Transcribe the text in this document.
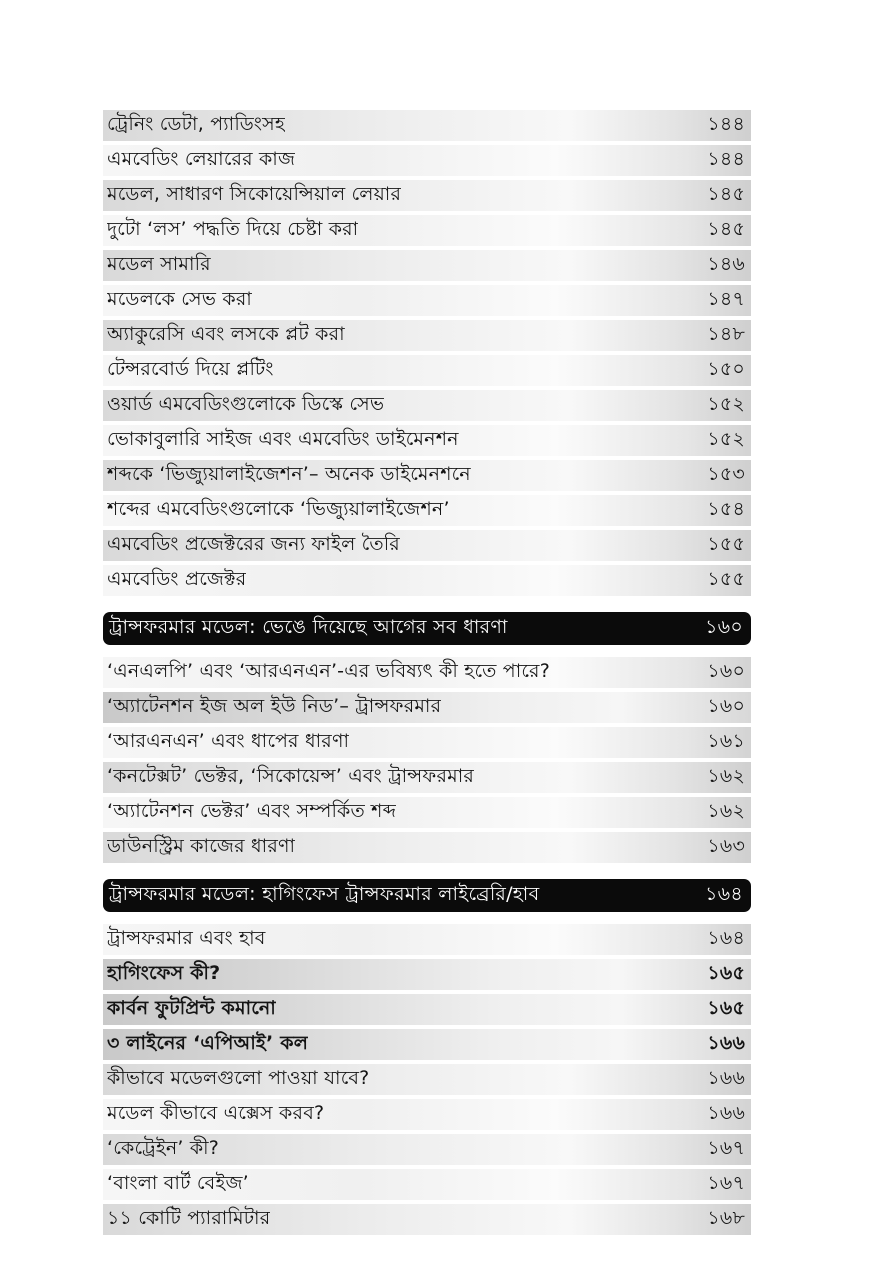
ট্রেনিং ডেটা, প্যাডিংসহ	১৪৪
এমবেডিং লেয়ারের কাজ	১৪৪
মডেল, সাধারণ সিকোয়েন্সিয়াল লেয়ার	১৪৫
দুটো ‘লস’ পদ্ধতি দিয়ে চেষ্টা করা	১৪৫
মডেল সামারি	১৪৬
মডেলকে সেভ করা	১৪৭
অ্যাকুরেসি এবং লসকে প্লট করা	১৪৮
টেন্সরবোর্ড দিয়ে প্লটিং	১৫০
ওয়ার্ড এমবেডিংগুলোকে ডিস্কে সেভ	১৫২
ভোকাবুলারি সাইজ এবং এমবেডিং ডাইমেনশন	১৫২
শব্দকে ‘ভিজ্যুয়ালাইজেশন’– অনেক ডাইমেনশনে	১৫৩
শব্দের এমবেডিংগুলোকে ‘ভিজ্যুয়ালাইজেশন’	১৫৪
এমবেডিং প্রজেক্টরের জন্য ফাইল তৈরি	১৫৫
এমবেডিং প্রজেক্টর	১৫৫
ট্রান্সফরমার মডেল: ভেঙে দিয়েছে আগের সব ধারণা	১৬০
‘এনএলপি’ এবং ‘আরএনএন’-এর ভবিষ্যৎ কী হতে পারে?	১৬০
‘অ্যাটেনশন ইজ অল ইউ নিড’– ট্রান্সফরমার	১৬০
‘আরএনএন’ এবং ধাপের ধারণা	১৬১
‘কনটেক্সট’ ভেক্টর, ‘সিকোয়েন্স’ এবং ট্রান্সফরমার	১৬২
‘অ্যাটেনশন ভেক্টর’ এবং সম্পর্কিত শব্দ	১৬২
ডাউনস্ট্রিম কাজের ধারণা	১৬৩
ট্রান্সফরমার মডেল: হাগিংফেস ট্রান্সফরমার লাইব্রেরি/হাব	১৬৪
ট্রান্সফরমার এবং হাব	১৬৪
হাগিংফেস কী?	১৬৫
কার্বন ফুটপ্রিন্ট কমানো	১৬৫
৩ লাইনের ‘এপিআই’ কল	১৬৬
কীভাবে মডেলগুলো পাওয়া যাবে?	১৬৬
মডেল কীভাবে এক্সেস করব?	১৬৬
‘কেট্রেইন’ কী?	১৬৭
‘বাংলা বার্ট বেইজ’	১৬৭
১১ কোটি প্যারামিটার	১৬৮
